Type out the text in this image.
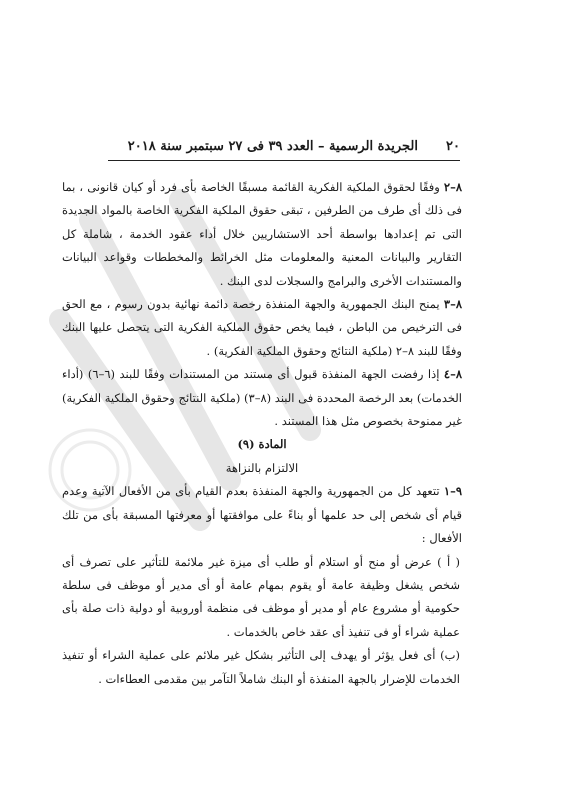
٢٠
الجريدة الرسمية – العدد ٣٩ فى ٢٧ سبتمبر سنة ٢٠١٨

٨–٢ وفقًا لحقوق الملكية الفكرية القائمة مسبقًا الخاصة بأى فرد أو كيان قانونى ، بما فى ذلك أى طرف من الطرفين ، تبقى حقوق الملكية الفكرية الخاصة بالمواد الجديدة التى تم إعدادها بواسطة أحد الاستشاريين خلال أداء عقود الخدمة ، شاملة كل التقارير والبيانات المعنية والمعلومات مثل الخرائط والمخططات وقواعد البيانات والمستندات الأخرى والبرامج والسجلات لدى البنك .

٨–٣ يمنح البنك الجمهورية والجهة المنفذة رخصة دائمة نهائية بدون رسوم ، مع الحق فى الترخيص من الباطن ، فيما يخص حقوق الملكية الفكرية التى يتحصل عليها البنك وفقًا للبند ٨–٢ (ملكية النتائج وحقوق الملكية الفكرية) .

٨–٤ إذا رفضت الجهة المنفذة قبول أى مستند من المستندات وفقًا للبند (٦–٦) (أداء الخدمات) بعد الرخصة المحددة فى البند (٨–٣) (ملكية النتائج وحقوق الملكية الفكرية) غير ممنوحة بخصوص مثل هذا المستند .

المادة (٩)

الالتزام بالنزاهة

٩–١ تتعهد كل من الجمهورية والجهة المنفذة بعدم القيام بأى من الأفعال الآتية وعدم قيام أى شخص إلى حد علمها أو بناءً على موافقتها أو معرفتها المسبقة بأى من تلك الأفعال :

( أ ) عرض أو منح أو استلام أو طلب أى ميزة غير ملائمة للتأثير على تصرف أى شخص يشغل وظيفة عامة أو يقوم بمهام عامة أو أى مدير أو موظف فى سلطة حكومية أو مشروع عام أو مدير أو موظف فى منظمة أوروبية أو دولية ذات صلة بأى عملية شراء أو فى تنفيذ أى عقد خاص بالخدمات .

(ب) أى فعل يؤثر أو يهدف إلى التأثير بشكل غير ملائم على عملية الشراء أو تنفيذ الخدمات للإضرار بالجهة المنفذة أو البنك شاملاً التآمر بين مقدمى العطاءات .
